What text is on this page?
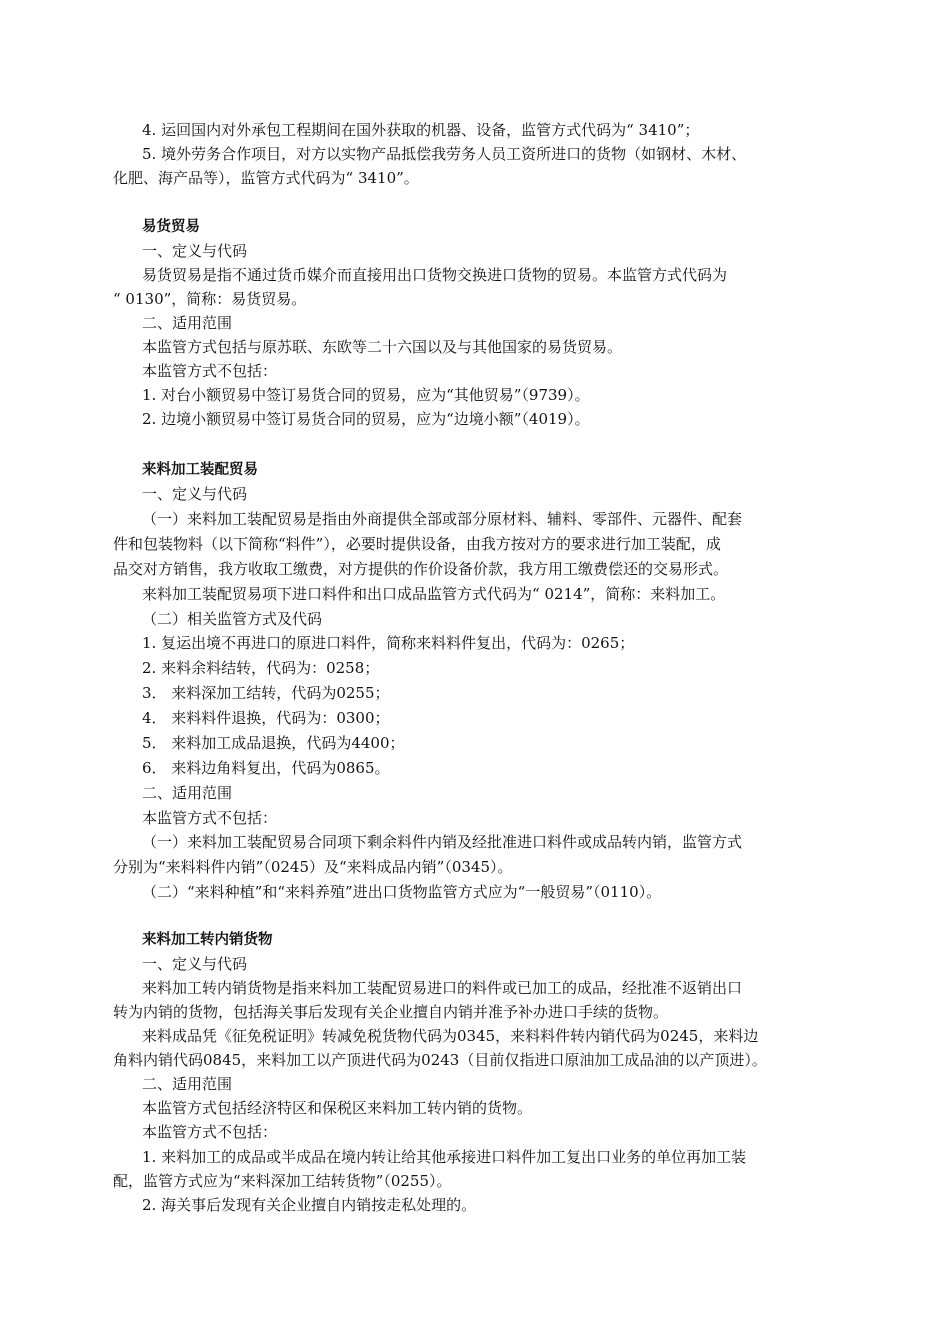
4. 运回国内对外承包工程期间在国外获取的机器、设备，监管方式代码为“ 3410”；
5. 境外劳务合作项目，对方以实物产品抵偿我劳务人员工资所进口的货物（如钢材、木材、
化肥、海产品等），监管方式代码为“ 3410”。
易货贸易
一、定义与代码
易货贸易是指不通过货币媒介而直接用出口货物交换进口货物的贸易。本监管方式代码为
“ 0130”，简称：易货贸易。
二、适用范围
本监管方式包括与原苏联、东欧等二十六国以及与其他国家的易货贸易。
本监管方式不包括：
1. 对台小额贸易中签订易货合同的贸易，应为“其他贸易”（9739）。
2. 边境小额贸易中签订易货合同的贸易，应为“边境小额”（4019）。
来料加工装配贸易
一、定义与代码
（一）来料加工装配贸易是指由外商提供全部或部分原材料、辅料、零部件、元器件、配套
件和包装物料（以下简称“料件”），必要时提供设备，由我方按对方的要求进行加工装配，成
品交对方销售，我方收取工缴费，对方提供的作价设备价款，我方用工缴费偿还的交易形式。
来料加工装配贸易项下进口料件和出口成品监管方式代码为“ 0214”，简称：来料加工。
（二）相关监管方式及代码
1. 复运出境不再进口的原进口料件，简称来料料件复出，代码为：0265；
2. 来料余料结转，代码为：0258；
3． 来料深加工结转，代码为0255；
4． 来料料件退换，代码为：0300；
5． 来料加工成品退换，代码为4400；
6． 来料边角料复出，代码为0865。
二、适用范围
本监管方式不包括：
（一）来料加工装配贸易合同项下剩余料件内销及经批准进口料件或成品转内销，监管方式
分别为“来料料件内销”（0245）及“来料成品内销”（0345）。
（二）“来料种植”和“来料养殖”进出口货物监管方式应为“一般贸易”（0110）。
来料加工转内销货物
一、定义与代码
来料加工转内销货物是指来料加工装配贸易进口的料件或已加工的成品，经批准不返销出口
转为内销的货物，包括海关事后发现有关企业擅自内销并准予补办进口手续的货物。
来料成品凭《征免税证明》转减免税货物代码为0345，来料料件转内销代码为0245，来料边
角料内销代码0845，来料加工以产顶进代码为0243（目前仅指进口原油加工成品油的以产顶进）。
二、适用范围
本监管方式包括经济特区和保税区来料加工转内销的货物。
本监管方式不包括：
1. 来料加工的成品或半成品在境内转让给其他承接进口料件加工复出口业务的单位再加工装
配，监管方式应为“来料深加工结转货物”（0255）。
2. 海关事后发现有关企业擅自内销按走私处理的。
